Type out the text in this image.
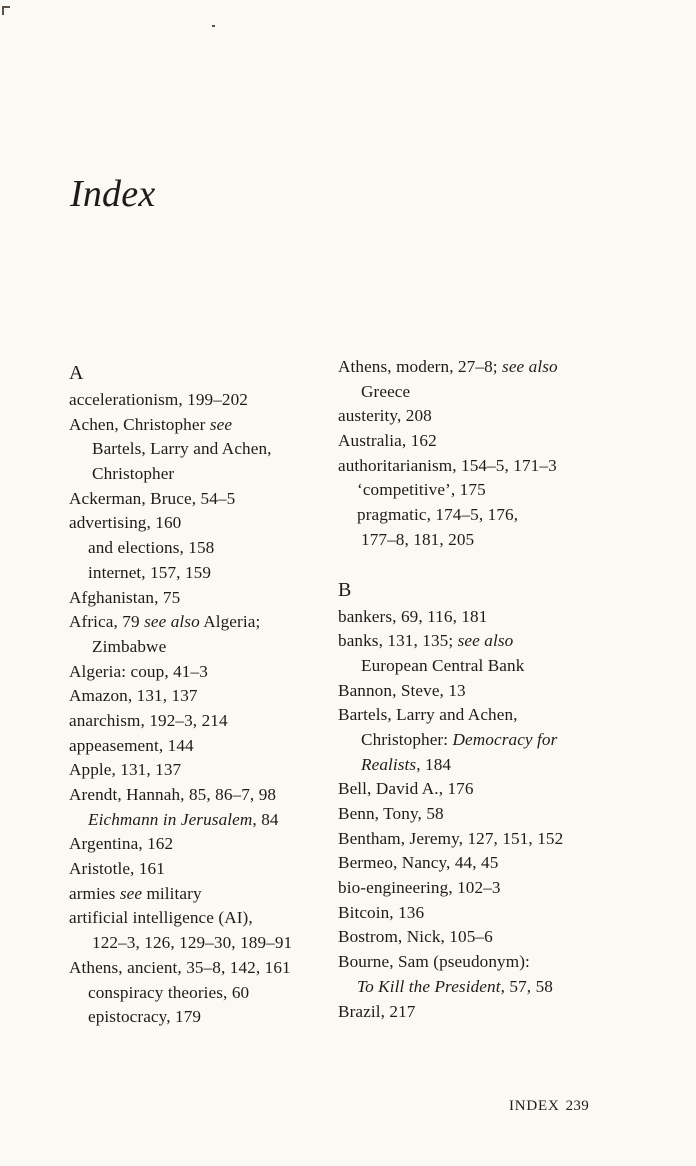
Index
A
accelerationism, 199–202
Achen, Christopher see
Bartels, Larry and Achen,
Christopher
Ackerman, Bruce, 54–5
advertising, 160
and elections, 158
internet, 157, 159
Afghanistan, 75
Africa, 79 see also Algeria;
Zimbabwe
Algeria: coup, 41–3
Amazon, 131, 137
anarchism, 192–3, 214
appeasement, 144
Apple, 131, 137
Arendt, Hannah, 85, 86–7, 98
Eichmann in Jerusalem, 84
Argentina, 162
Aristotle, 161
armies see military
artificial intelligence (AI),
122–3, 126, 129–30, 189–91
Athens, ancient, 35–8, 142, 161
conspiracy theories, 60
epistocracy, 179
Athens, modern, 27–8; see also
Greece
austerity, 208
Australia, 162
authoritarianism, 154–5, 171–3
‘competitive’, 175
pragmatic, 174–5, 176,
177–8, 181, 205
B
bankers, 69, 116, 181
banks, 131, 135; see also
European Central Bank
Bannon, Steve, 13
Bartels, Larry and Achen,
Christopher: Democracy for
Realists, 184
Bell, David A., 176
Benn, Tony, 58
Bentham, Jeremy, 127, 151, 152
Bermeo, Nancy, 44, 45
bio-engineering, 102–3
Bitcoin, 136
Bostrom, Nick, 105–6
Bourne, Sam (pseudonym):
To Kill the President, 57, 58
Brazil, 217
INDEX 239
